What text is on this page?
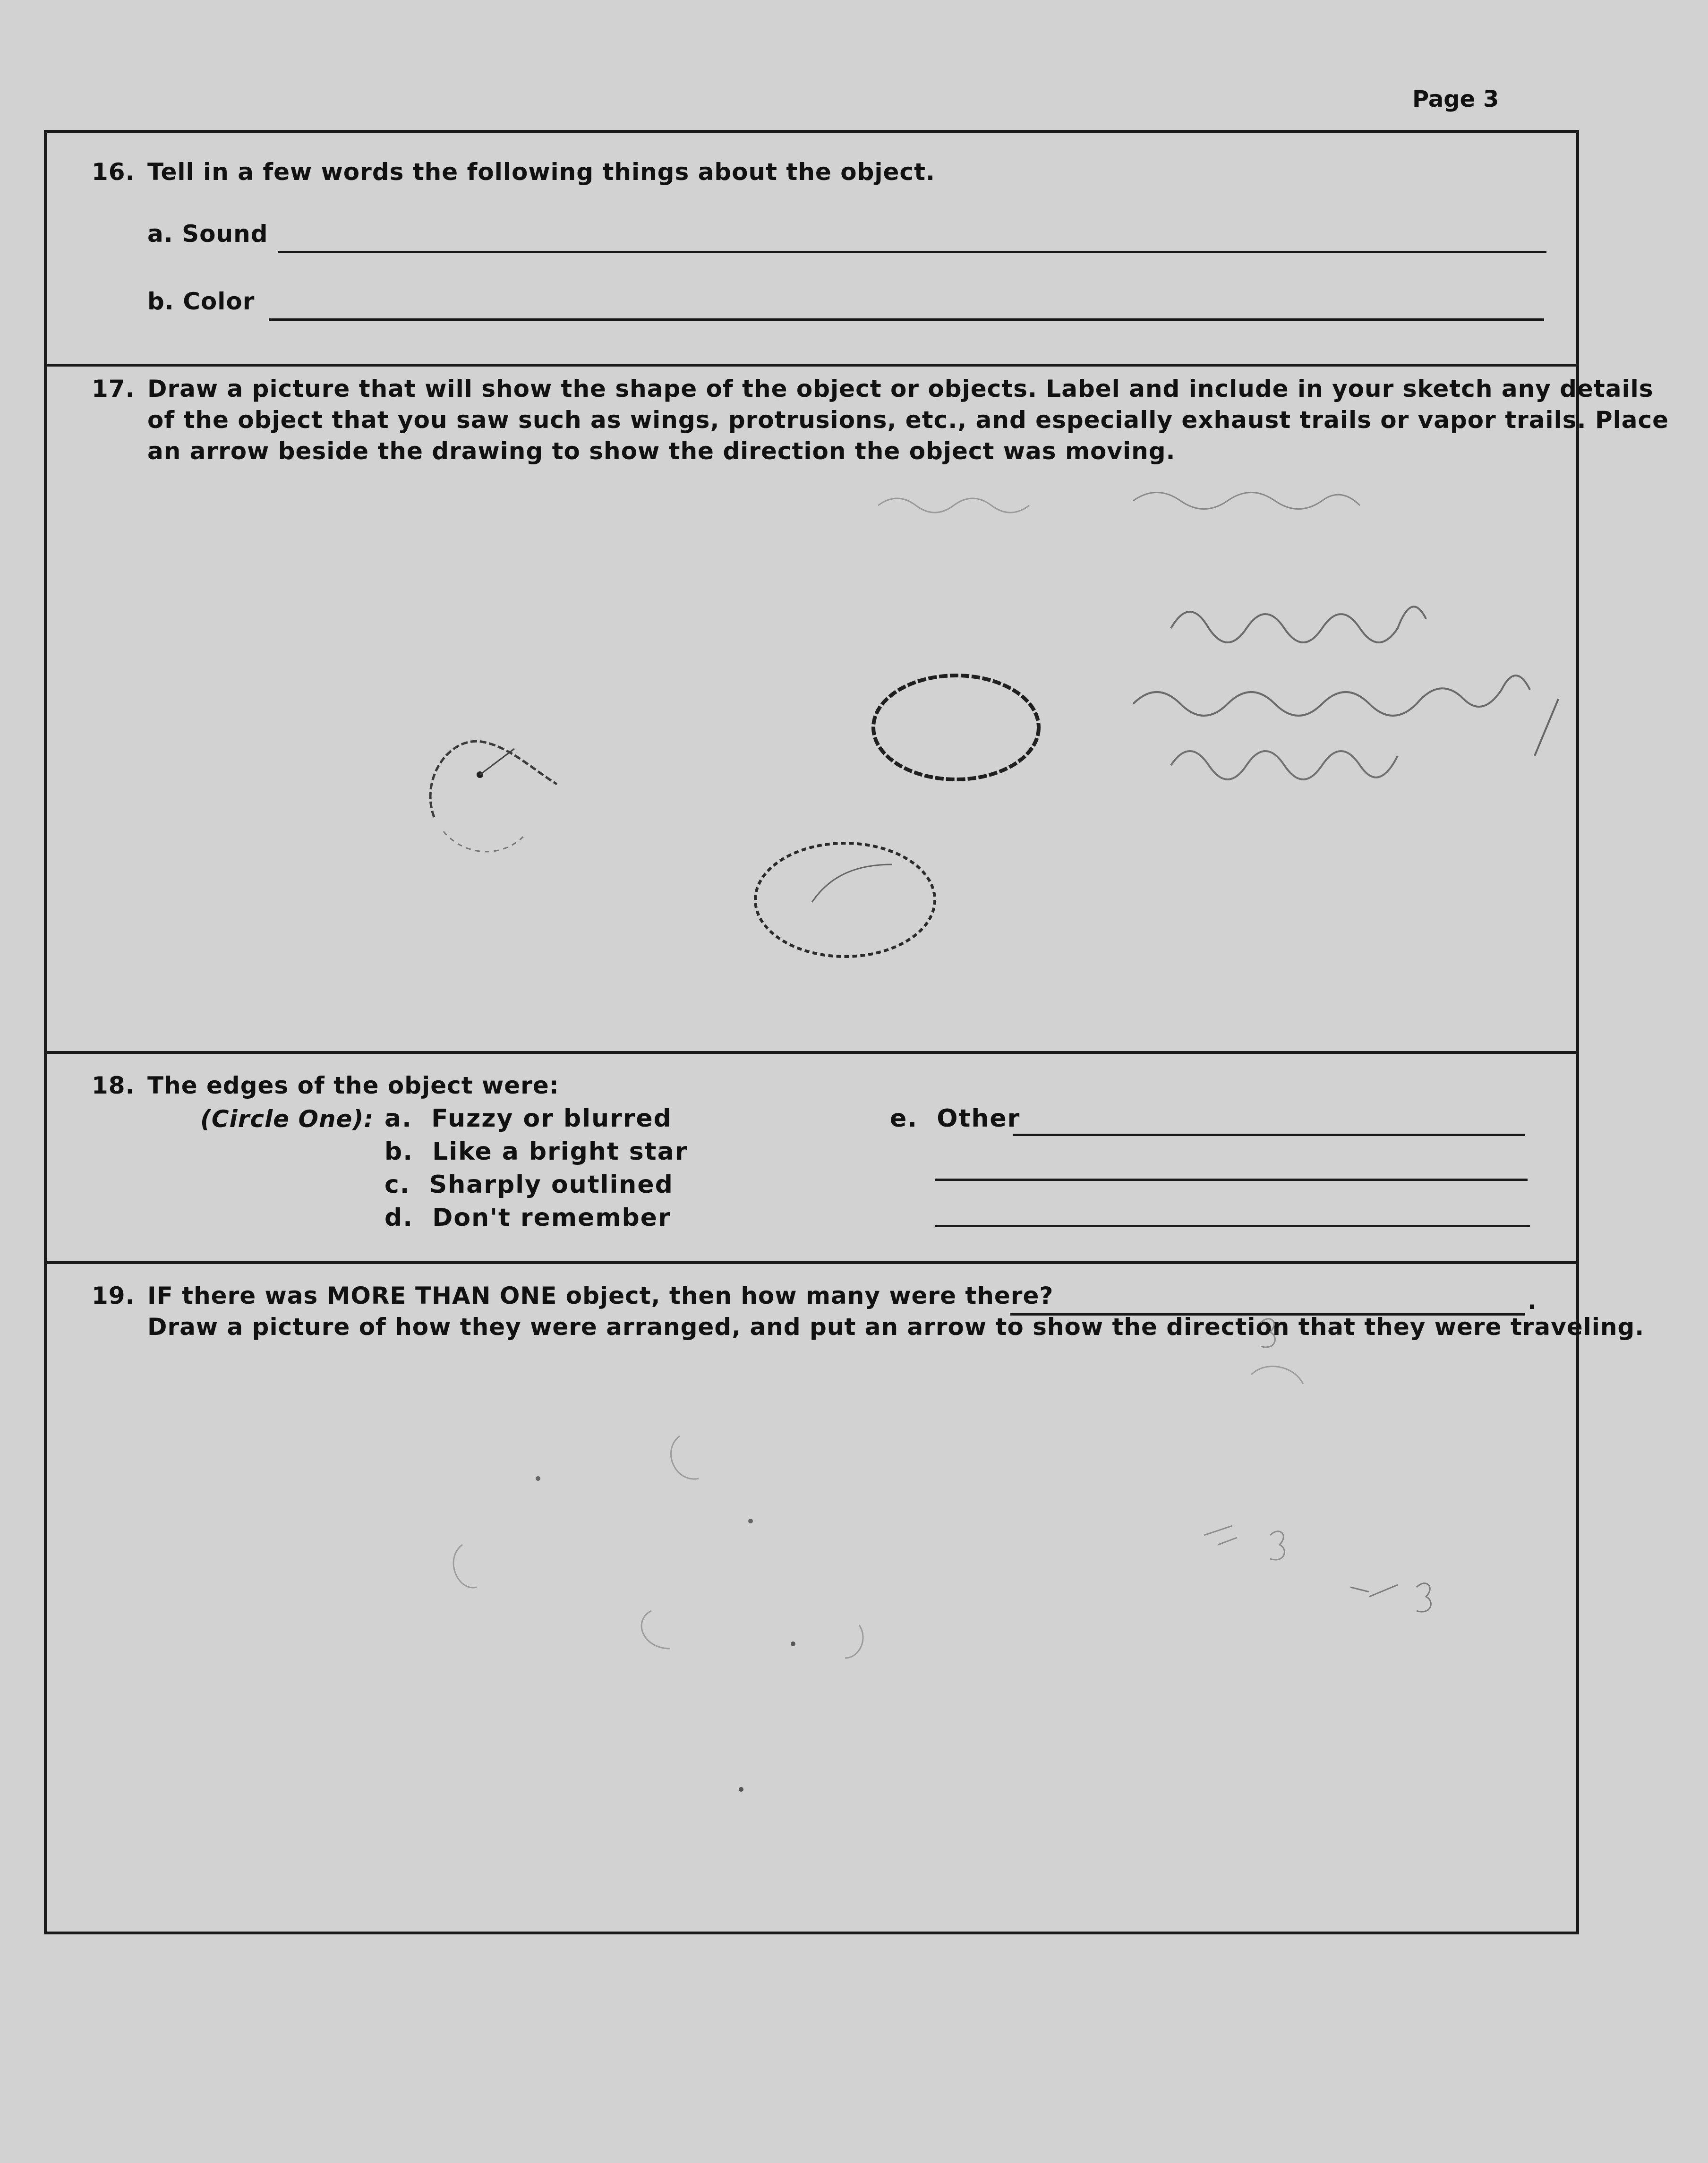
Page 3
16. Tell in a few words the following things about the object.
a. Sound
b. Color
17. Draw a picture that will show the shape of the object or objects. Label and include in your sketch any details
of the object that you saw such as wings, protrusions, etc., and especially exhaust trails or vapor trails. Place
an arrow beside the drawing to show the direction the object was moving.
18. The edges of the object were:
(Circle One): a. Fuzzy or blurred
b. Like a bright star
c. Sharply outlined
d. Don't remember
e. Other
19. IF there was MORE THAN ONE object, then how many were there?
Draw a picture of how they were arranged, and put an arrow to show the direction that they were traveling.
.
